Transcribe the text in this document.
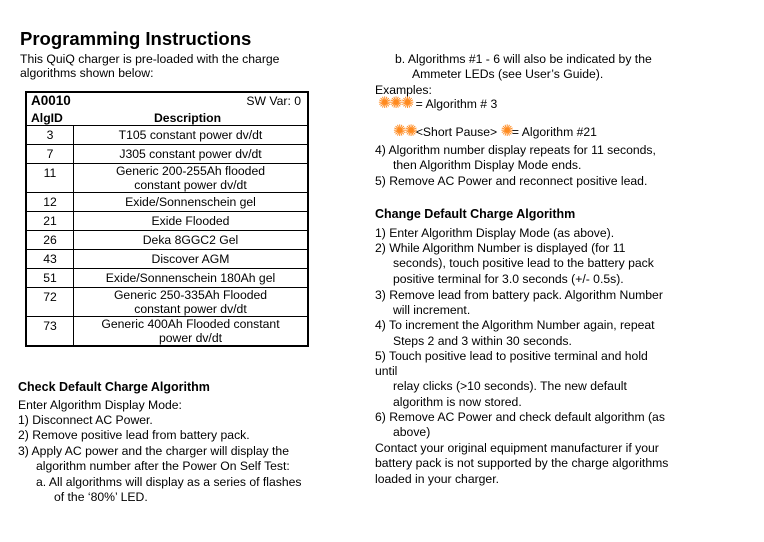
Programming Instructions
This QuiQ charger is pre-loaded with the charge
algorithms shown below:
A0010 SW Var: 0
AlgID Description	

3	T105 constant power dv/dt
7	J305 constant power dv/dt
11	Generic 200-255Ah flooded constant power dv/dt
12	Exide/Sonnenschein gel
21	Exide Flooded
26	Deka 8GGC2 Gel
43	Discover AGM
51	Exide/Sonnenschein 180Ah gel
72	Generic 250-335Ah Flooded constant power dv/dt
73	Generic 400Ah Flooded constant power dv/dt
Check Default Charge Algorithm
Enter Algorithm Display Mode:
1) Disconnect AC Power.
2) Remove positive lead from battery pack.
3) Apply AC power and the charger will display the
algorithm number after the Power On Self Test:
a. All algorithms will display as a series of flashes
of the ‘80%’ LED.
b. Algorithms #1 - 6 will also be indicated by the
Ammeter LEDs (see User’s Guide).
Examples:
✺✺✺ = Algorithm # 3
✺✺<Short Pause> ✺= Algorithm #21
4) Algorithm number display repeats for 11 seconds,
then Algorithm Display Mode ends.
5) Remove AC Power and reconnect positive lead.
Change Default Charge Algorithm
1) Enter Algorithm Display Mode (as above).
2) While Algorithm Number is displayed (for 11
seconds), touch positive lead to the battery pack
positive terminal for 3.0 seconds (+/- 0.5s).
3) Remove lead from battery pack. Algorithm Number
will increment.
4) To increment the Algorithm Number again, repeat
Steps 2 and 3 within 30 seconds.
5) Touch positive lead to positive terminal and hold
until
relay clicks (>10 seconds). The new default
algorithm is now stored.
6) Remove AC Power and check default algorithm (as
above)
Contact your original equipment manufacturer if your
battery pack is not supported by the charge algorithms
loaded in your charger.
